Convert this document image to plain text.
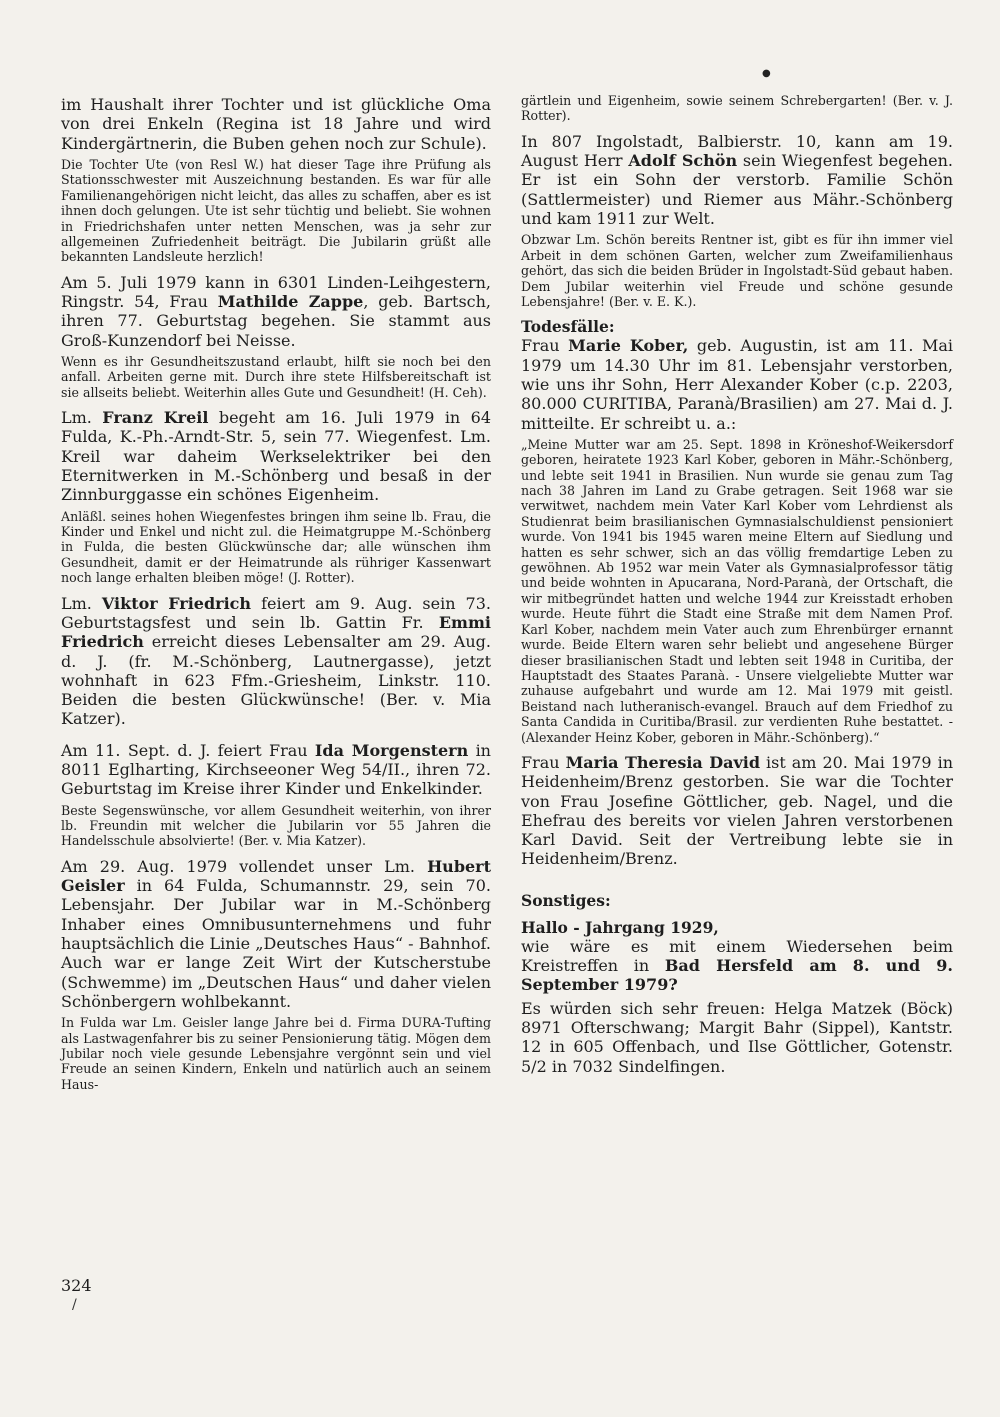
●

im Haushalt ihrer Tochter und ist glückliche Oma von drei Enkeln (Regina ist 18 Jahre und wird Kindergärtnerin, die Buben gehen noch zur Schule).

Die Tochter Ute (von Resl W.) hat dieser Tage ihre Prüfung als Stationsschwester mit Auszeichnung bestanden. Es war für alle Familienangehörigen nicht leicht, das alles zu schaffen, aber es ist ihnen doch gelungen. Ute ist sehr tüchtig und beliebt. Sie wohnen in Friedrichshafen unter netten Menschen, was ja sehr zur allgemeinen Zufriedenheit beiträgt. Die Jubilarin grüßt alle bekannten Landsleute herzlich!

Am 5. Juli 1979 kann in 6301 Linden-Leihgestern, Ringstr. 54, Frau Mathilde Zappe, geb. Bartsch, ihren 77. Geburtstag begehen. Sie stammt aus Groß-Kunzendorf bei Neisse.

Wenn es ihr Gesundheitszustand erlaubt, hilft sie noch bei den anfall. Arbeiten gerne mit. Durch ihre stete Hilfsbereitschaft ist sie allseits beliebt. Weiterhin alles Gute und Gesundheit! (H. Ceh).

Lm. Franz Kreil begeht am 16. Juli 1979 in 64 Fulda, K.-Ph.-Arndt-Str. 5, sein 77. Wiegenfest. Lm. Kreil war daheim Werkselektriker bei den Eternitwerken in M.-Schönberg und besaß in der Zinnburggasse ein schönes Eigenheim.

Anläßl. seines hohen Wiegenfestes bringen ihm seine lb. Frau, die Kinder und Enkel und nicht zul. die Heimatgruppe M.-Schönberg in Fulda, die besten Glückwünsche dar; alle wünschen ihm Gesundheit, damit er der Heimatrunde als rühriger Kassenwart noch lange erhalten bleiben möge! (J. Rotter).

Lm. Viktor Friedrich feiert am 9. Aug. sein 73. Geburtstagsfest und sein lb. Gattin Fr. Emmi Friedrich erreicht dieses Lebensalter am 29. Aug. d. J. (fr. M.-Schönberg, Lautnergasse), jetzt wohnhaft in 623 Ffm.-Griesheim, Linkstr. 110. Beiden die besten Glückwünsche! (Ber. v. Mia Katzer).

Am 11. Sept. d. J. feiert Frau Ida Morgenstern in 8011 Eglharting, Kirchseeoner Weg 54/II., ihren 72. Geburtstag im Kreise ihrer Kinder und Enkelkinder.

Beste Segenswünsche, vor allem Gesundheit weiterhin, von ihrer lb. Freundin mit welcher die Jubilarin vor 55 Jahren die Handelsschule absolvierte! (Ber. v. Mia Katzer).

Am 29. Aug. 1979 vollendet unser Lm. Hubert Geisler in 64 Fulda, Schumannstr. 29, sein 70. Lebensjahr. Der Jubilar war in M.-Schönberg Inhaber eines Omnibusunternehmens und fuhr hauptsächlich die Linie „Deutsches Haus“ - Bahnhof. Auch war er lange Zeit Wirt der Kutscherstube (Schwemme) im „Deutschen Haus“ und daher vielen Schönbergern wohlbekannt.

In Fulda war Lm. Geisler lange Jahre bei d. Firma DURA-Tufting als Lastwagenfahrer bis zu seiner Pensionierung tätig. Mögen dem Jubilar noch viele gesunde Lebensjahre vergönnt sein und viel Freude an seinen Kindern, Enkeln und natürlich auch an seinem Haus-

gärtlein und Eigenheim, sowie seinem Schrebergarten! (Ber. v. J. Rotter).

In 807 Ingolstadt, Balbierstr. 10, kann am 19. August Herr Adolf Schön sein Wiegenfest begehen. Er ist ein Sohn der verstorb. Familie Schön (Sattlermeister) und Riemer aus Mähr.-Schönberg und kam 1911 zur Welt.

Obzwar Lm. Schön bereits Rentner ist, gibt es für ihn immer viel Arbeit in dem schönen Garten, welcher zum Zweifamilienhaus gehört, das sich die beiden Brüder in Ingolstadt-Süd gebaut haben. Dem Jubilar weiterhin viel Freude und schöne gesunde Lebensjahre! (Ber. v. E. K.).

Todesfälle:

Frau Marie Kober, geb. Augustin, ist am 11. Mai 1979 um 14.30 Uhr im 81. Lebensjahr verstorben, wie uns ihr Sohn, Herr Alexander Kober (c.p. 2203, 80.000 CURITIBA, Paranà/Brasilien) am 27. Mai d. J. mitteilte. Er schreibt u. a.:

„Meine Mutter war am 25. Sept. 1898 in Kröneshof-Weikersdorf geboren, heiratete 1923 Karl Kober, geboren in Mähr.-Schönberg, und lebte seit 1941 in Brasilien. Nun wurde sie genau zum Tag nach 38 Jahren im Land zu Grabe getragen. Seit 1968 war sie verwitwet, nachdem mein Vater Karl Kober vom Lehrdienst als Studienrat beim brasilianischen Gymnasialschuldienst pensioniert wurde. Von 1941 bis 1945 waren meine Eltern auf Siedlung und hatten es sehr schwer, sich an das völlig fremdartige Leben zu gewöhnen. Ab 1952 war mein Vater als Gymnasialprofessor tätig und beide wohnten in Apucarana, Nord-Paranà, der Ortschaft, die wir mitbegründet hatten und welche 1944 zur Kreisstadt erhoben wurde. Heute führt die Stadt eine Straße mit dem Namen Prof. Karl Kober, nachdem mein Vater auch zum Ehrenbürger ernannt wurde. Beide Eltern waren sehr beliebt und angesehene Bürger dieser brasilianischen Stadt und lebten seit 1948 in Curitiba, der Hauptstadt des Staates Paranà. - Unsere vielgeliebte Mutter war zuhause aufgebahrt und wurde am 12. Mai 1979 mit geistl. Beistand nach lutheranisch-evangel. Brauch auf dem Friedhof zu Santa Candida in Curitiba/Brasil. zur verdienten Ruhe bestattet. - (Alexander Heinz Kober, geboren in Mähr.-Schönberg).“

Frau Maria Theresia David ist am 20. Mai 1979 in Heidenheim/Brenz gestorben. Sie war die Tochter von Frau Josefine Göttlicher, geb. Nagel, und die Ehefrau des bereits vor vielen Jahren verstorbenen Karl David. Seit der Vertreibung lebte sie in Heidenheim/Brenz.

Sonstiges:

Hallo - Jahrgang 1929,

wie wäre es mit einem Wiedersehen beim Kreistreffen in Bad Hersfeld am 8. und 9. September 1979?

Es würden sich sehr freuen: Helga Matzek (Böck) 8971 Ofterschwang; Margit Bahr (Sippel), Kantstr. 12 in 605 Offenbach, und Ilse Göttlicher, Gotenstr. 5/2 in 7032 Sindelfingen.

324
/
